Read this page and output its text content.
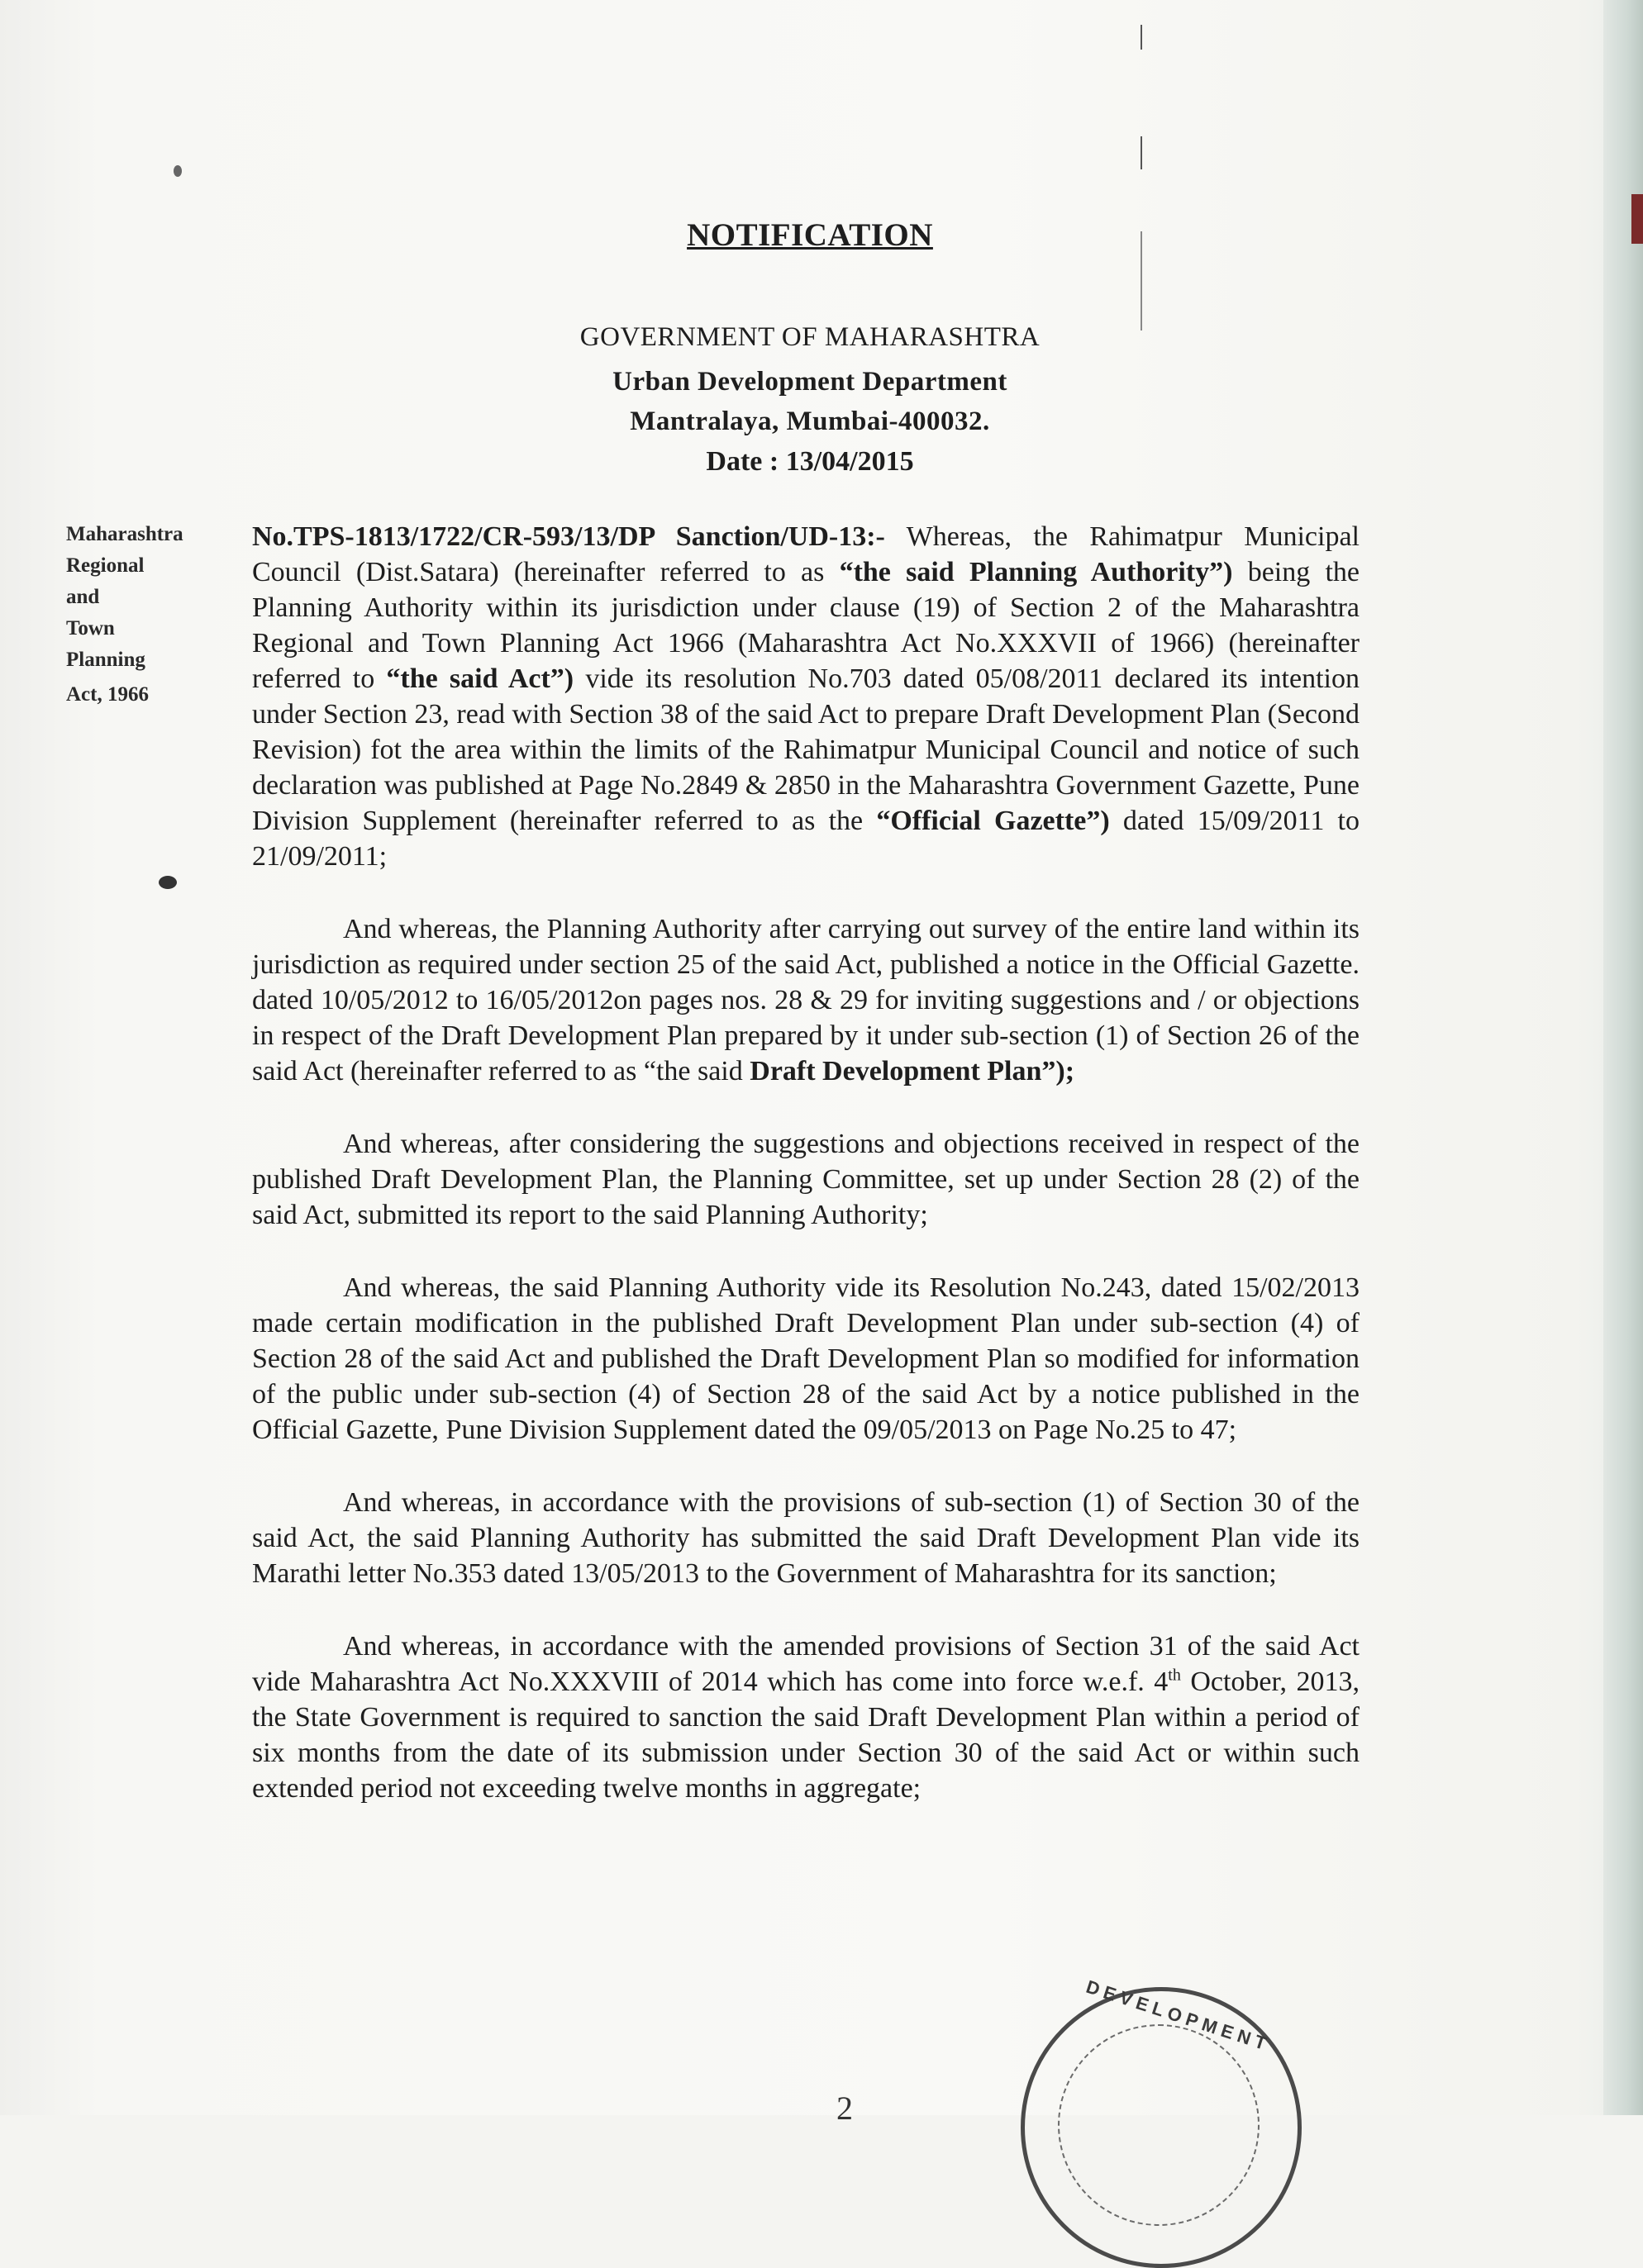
NOTIFICATION
GOVERNMENT OF MAHARASHTRA
Urban Development Department
Mantralaya, Mumbai-400032.
Date : 13/04/2015
Maharashtra
Regional
and
Town
Planning
Act, 1966

No.TPS-1813/1722/CR-593/13/DP Sanction/UD-13:- Whereas, the Rahimatpur Municipal Council (Dist.Satara) (hereinafter referred to as “the said Planning Authority”) being the Planning Authority within its jurisdiction under clause (19) of Section 2 of the Maharashtra Regional and Town Planning Act 1966 (Maharashtra Act No.XXXVII of 1966) (hereinafter referred to “the said Act”) vide its resolution No.703 dated 05/08/2011 declared its intention under Section 23, read with Section 38 of the said Act to prepare Draft Development Plan (Second Revision) fot the area within the limits of the Rahimatpur Municipal Council and notice of such declaration was published at Page No.2849 & 2850 in the Maharashtra Government Gazette, Pune Division Supplement (hereinafter referred to as the “Official Gazette”) dated 15/09/2011 to 21/09/2011;

And whereas, the Planning Authority after carrying out survey of the entire land within its jurisdiction as required under section 25 of the said Act, published a notice in the Official Gazette. dated 10/05/2012 to 16/05/2012on pages nos. 28 & 29 for inviting suggestions and / or objections in respect of the Draft Development Plan prepared by it under sub-section (1) of Section 26 of the said Act (hereinafter referred to as “the said Draft Development Plan”);

And whereas, after considering the suggestions and objections received in respect of the published Draft Development Plan, the Planning Committee, set up under Section 28 (2) of the said Act, submitted its report to the said Planning Authority;

And whereas, the said Planning Authority vide its Resolution No.243, dated 15/02/2013 made certain modification in the published Draft Development Plan under sub-section (4) of Section 28 of the said Act and published the Draft Development Plan so modified for information of the public under sub-section (4) of Section 28 of the said Act by a notice published in the Official Gazette, Pune Division Supplement dated the 09/05/2013 on Page No.25 to 47;

And whereas, in accordance with the provisions of sub-section (1) of Section 30 of the said Act, the said Planning Authority has submitted the said Draft Development Plan vide its Marathi letter No.353 dated 13/05/2013 to the Government of Maharashtra for its sanction;

And whereas, in accordance with the amended provisions of Section 31 of the said Act vide Maharashtra Act No.XXXVIII of 2014 which has come into force w.e.f. 4th October, 2013, the State Government is required to sanction the said Draft Development Plan within a period of six months from the date of its submission under Section 30 of the said Act or within such extended period not exceeding twelve months in aggregate;

DEVELOPMENT
2
